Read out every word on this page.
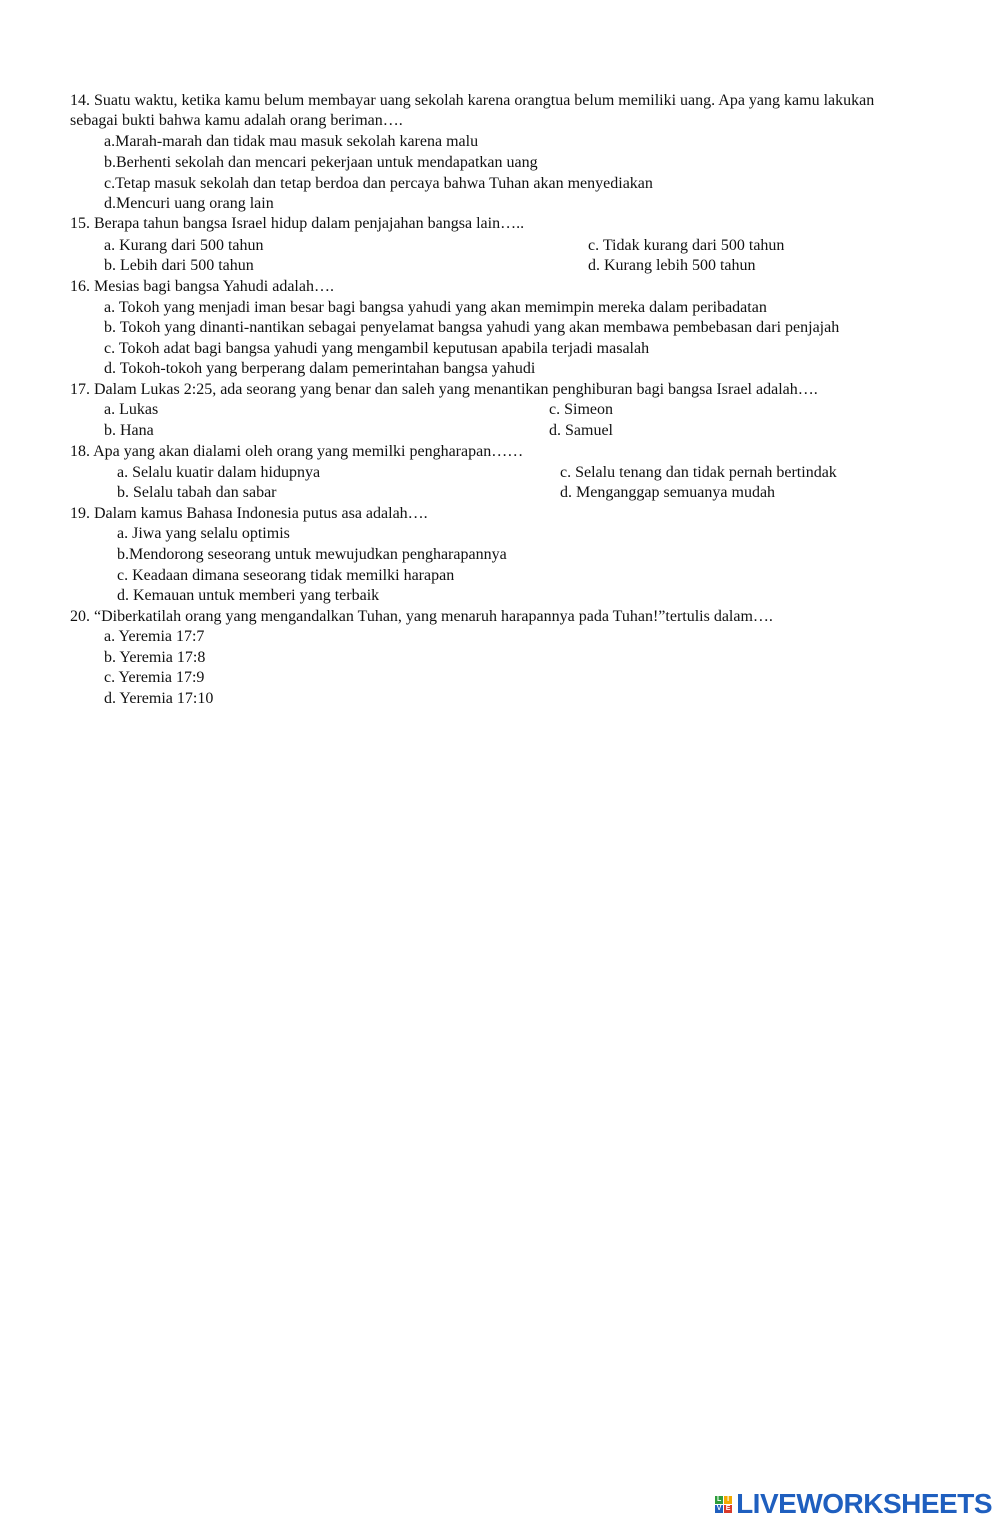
14. Suatu waktu, ketika kamu belum membayar uang sekolah karena orangtua belum memiliki uang. Apa yang kamu lakukan
sebagai bukti bahwa kamu adalah orang beriman….
a.Marah-marah dan tidak mau masuk sekolah karena malu
b.Berhenti sekolah dan mencari pekerjaan untuk mendapatkan uang
c.Tetap masuk sekolah dan tetap berdoa dan percaya bahwa Tuhan akan menyediakan
d.Mencuri uang orang lain
15. Berapa tahun bangsa Israel hidup dalam penjajahan bangsa lain…..
a. Kurang dari 500 tahun	c. Tidak kurang dari 500 tahun
b. Lebih dari 500 tahun	d. Kurang lebih 500 tahun
16. Mesias bagi bangsa Yahudi adalah….
a. Tokoh yang menjadi iman besar bagi bangsa yahudi yang akan memimpin mereka dalam peribadatan
b. Tokoh yang dinanti-nantikan sebagai penyelamat bangsa yahudi yang akan membawa pembebasan dari penjajah
c. Tokoh adat bagi bangsa yahudi yang mengambil keputusan apabila terjadi masalah
d. Tokoh-tokoh yang berperang dalam pemerintahan bangsa yahudi
17. Dalam Lukas 2:25, ada seorang yang benar dan saleh yang menantikan penghiburan bagi bangsa Israel adalah….
a. Lukas	c. Simeon
b. Hana	d. Samuel
18. Apa yang akan dialami oleh orang yang memilki pengharapan……
a. Selalu kuatir dalam hidupnya	c. Selalu tenang dan tidak pernah bertindak
b. Selalu tabah dan sabar	d. Menganggap semuanya mudah
19. Dalam kamus Bahasa Indonesia putus asa adalah….
a. Jiwa yang selalu optimis
b.Mendorong seseorang untuk mewujudkan pengharapannya
c. Keadaan dimana seseorang tidak memilki harapan
d. Kemauan untuk memberi yang terbaik
20. “Diberkatilah orang yang mengandalkan Tuhan, yang menaruh harapannya pada Tuhan!”tertulis dalam….
a. Yeremia 17:7
b. Yeremia 17:8
c. Yeremia 17:9
d. Yeremia 17:10
L I
V E LIVEWORKSHEETS
